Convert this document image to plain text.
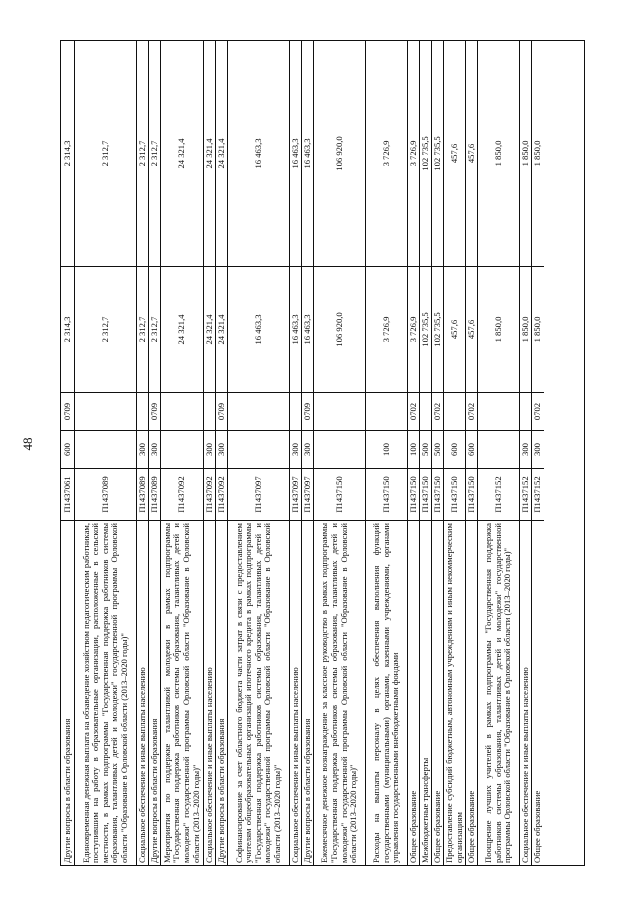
48
Другие вопросы в области образования
П1437061
600
0709
2 314,3
2 314,3
Единовременная денежная выплата на обзаведение хозяйством педагогическим работникам, поступившим на работу в образовательные организации, расположенные в сельской местности, в рамках подпрограммы "Государственная поддержка работников системы образования, талантливых детей и молодежи" государственной программы Орловской области "Образование в Орловской области (2013–2020 годы)"
П1437089
2 312,7
2 312,7
Социальное обеспечение и иные выплаты населению
П1437089
300
2 312,7
2 312,7
Другие вопросы в области образования
П1437089
300
0709
2 312,7
2 312,7
Мероприятия по поддержке талантливой молодежи в рамках подпрограммы "Государственная поддержка работников системы образования, талантливых детей и молодежи" государственной программы Орловской области "Образование в Орловской области (2013–2020 годы)"
П1437092
24 321,4
24 321,4
Социальное обеспечение и иные выплаты населению
П1437092
300
24 321,4
24 321,4
Другие вопросы в области образования
П1437092
300
0709
24 321,4
24 321,4
Софинансирование за счет областного бюджета части затрат в связи с предоставлением учителям общеобразовательных организаций ипотечного кредита в рамках подпрограммы "Государственная поддержка работников системы образования, талантливых детей и молодежи" государственной программы Орловской области "Образование в Орловской области (2013–2020 годы)"
П1437097
16 463,3
16 463,3
Социальное обеспечение и иные выплаты населению
П1437097
300
16 463,3
16 463,3
Другие вопросы в области образования
П1437097
300
0709
16 463,3
16 463,3
Ежемесячное денежное вознаграждение за классное руководство в рамках подпрограммы "Государственная поддержка работников системы образования, талантливых детей и молодежи" государственной программы Орловской области "Образование в Орловской области (2013–2020 годы)"
П1437150
106 920,0
106 920,0
Расходы на выплаты персоналу в целях обеспечения выполнения функций государственными (муниципальными) органами, казенными учреждениями, органами управления государственными внебюджетными фондами
П1437150
100
3 726,9
3 726,9
Общее образование
П1437150
100
0702
3 726,9
3 726,9
Межбюджетные трансферты
П1437150
500
102 735,5
102 735,5
Общее образование
П1437150
500
0702
102 735,5
102 735,5
Предоставление субсидий бюджетным, автономным учреждениям и иным некоммерческим организациям
П1437150
600
457,6
457,6
Общее образование
П1437150
600
0702
457,6
457,6
Поощрение лучших учителей в рамках подпрограммы "Государственная поддержка работников системы образования, талантливых детей и молодежи" государственной программы Орловской области "Образование в Орловской области (2013–2020 годы)"
П1437152
1 850,0
1 850,0
Социальное обеспечение и иные выплаты населению
П1437152
300
1 850,0
1 850,0
Общее образование
П1437152
300
0702
1 850,0
1 850,0
